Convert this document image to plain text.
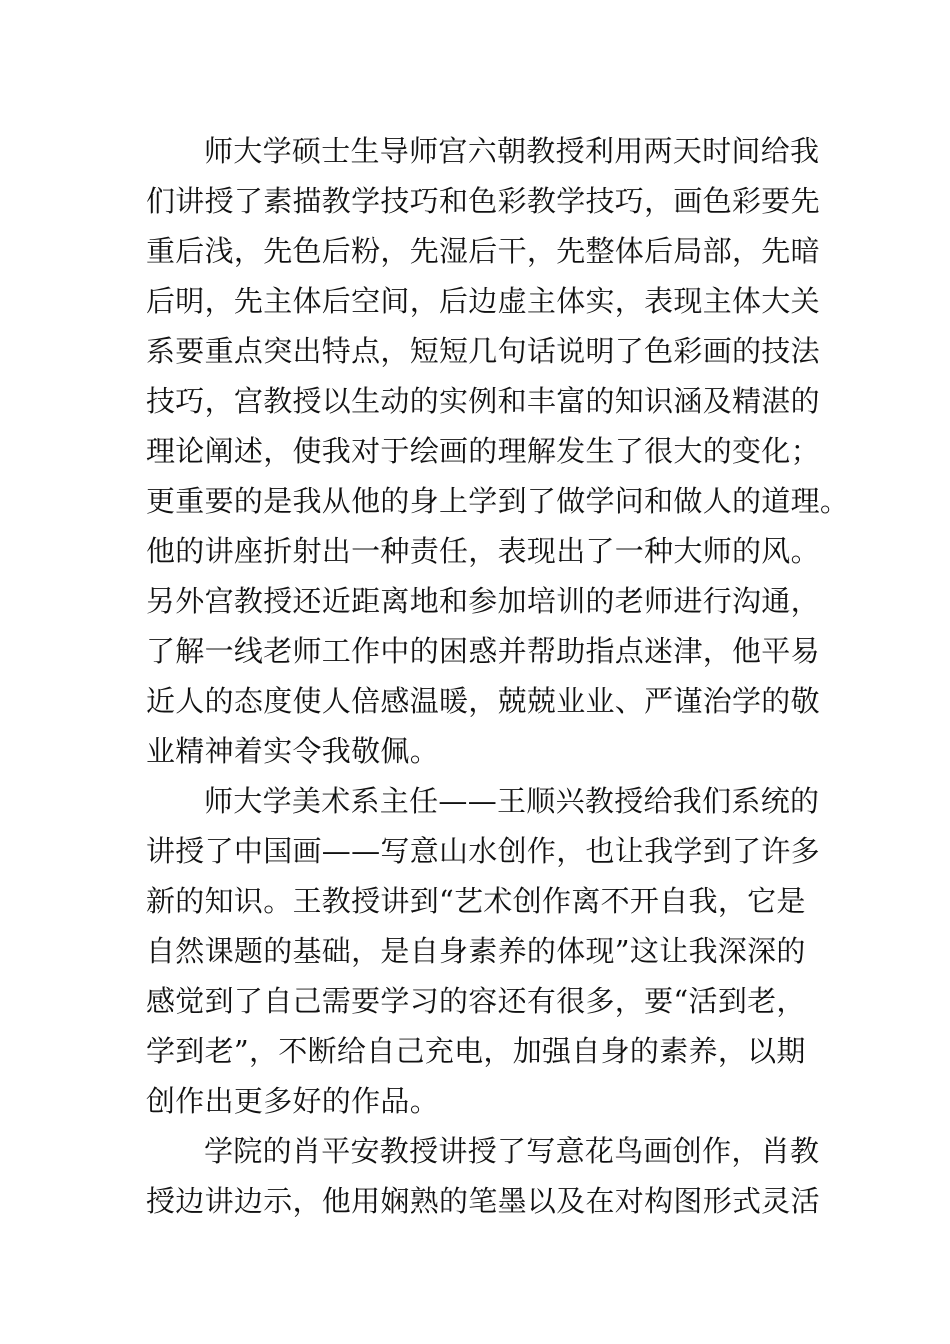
师大学硕士生导师宫六朝教授利用两天时间给我
们讲授了素描教学技巧和色彩教学技巧，画色彩要先
重后浅，先色后粉，先湿后干，先整体后局部，先暗
后明，先主体后空间，后边虚主体实，表现主体大关
系要重点突出特点，短短几句话说明了色彩画的技法
技巧，宫教授以生动的实例和丰富的知识涵及精湛的
理论阐述，使我对于绘画的理解发生了很大的变化；
更重要的是我从他的身上学到了做学问和做人的道理。
他的讲座折射出一种责任，表现出了一种大师的风。
另外宫教授还近距离地和参加培训的老师进行沟通，
了解一线老师工作中的困惑并帮助指点迷津，他平易
近人的态度使人倍感温暖，兢兢业业、严谨治学的敬
业精神着实令我敬佩。
师大学美术系主任——王顺兴教授给我们系统的
讲授了中国画——写意山水创作，也让我学到了许多
新的知识。王教授讲到“艺术创作离不开自我，它是
自然课题的基础，是自身素养的体现”这让我深深的
感觉到了自己需要学习的容还有很多，要“活到老，
学到老”，不断给自己充电，加强自身的素养，以期
创作出更多好的作品。
学院的肖平安教授讲授了写意花鸟画创作，肖教
授边讲边示，他用娴熟的笔墨以及在对构图形式灵活
